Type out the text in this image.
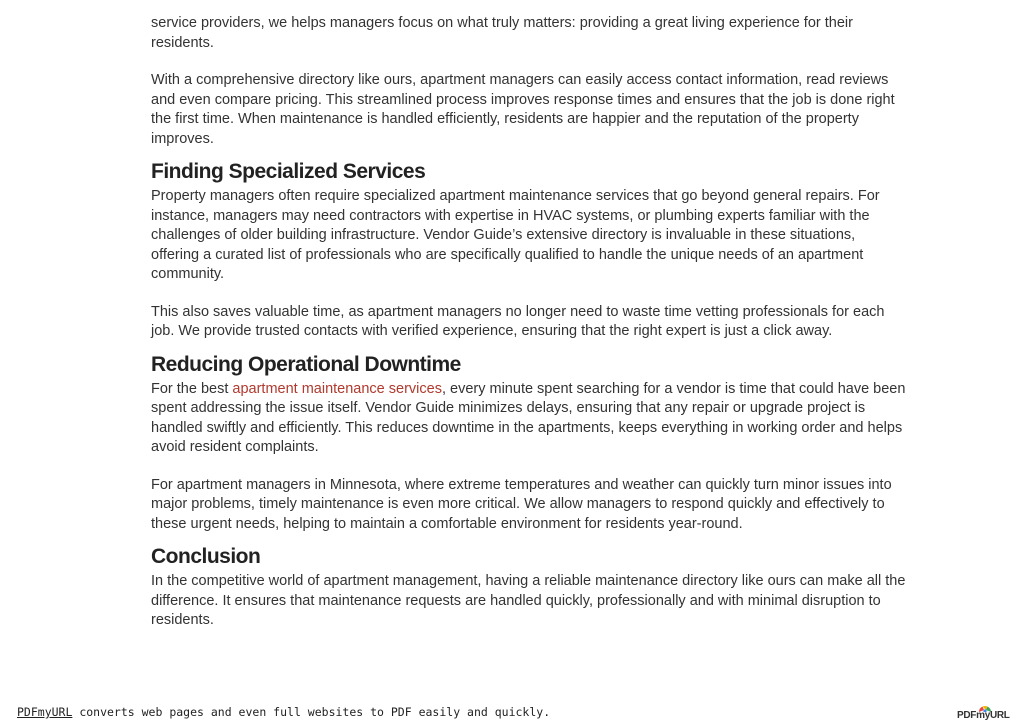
service providers, we helps managers focus on what truly matters: providing a great living experience for their residents.

With a comprehensive directory like ours, apartment managers can easily access contact information, read reviews and even compare pricing. This streamlined process improves response times and ensures that the job is done right the first time. When maintenance is handled efficiently, residents are happier and the reputation of the property improves.

Finding Specialized Services

Property managers often require specialized apartment maintenance services that go beyond general repairs. For instance, managers may need contractors with expertise in HVAC systems, or plumbing experts familiar with the challenges of older building infrastructure. Vendor Guide’s extensive directory is invaluable in these situations, offering a curated list of professionals who are specifically qualified to handle the unique needs of an apartment community.

This also saves valuable time, as apartment managers no longer need to waste time vetting professionals for each job. We provide trusted contacts with verified experience, ensuring that the right expert is just a click away.

Reducing Operational Downtime

For the best apartment maintenance services, every minute spent searching for a vendor is time that could have been spent addressing the issue itself. Vendor Guide minimizes delays, ensuring that any repair or upgrade project is handled swiftly and efficiently. This reduces downtime in the apartments, keeps everything in working order and helps avoid resident complaints.

For apartment managers in Minnesota, where extreme temperatures and weather can quickly turn minor issues into major problems, timely maintenance is even more critical. We allow managers to respond quickly and effectively to these urgent needs, helping to maintain a comfortable environment for residents year-round.

Conclusion

In the competitive world of apartment management, having a reliable maintenance directory like ours can make all the difference. It ensures that maintenance requests are handled quickly, professionally and with minimal disruption to residents.

PDFmyURL converts web pages and even full websites to PDF easily and quickly.	PDFmyURL
